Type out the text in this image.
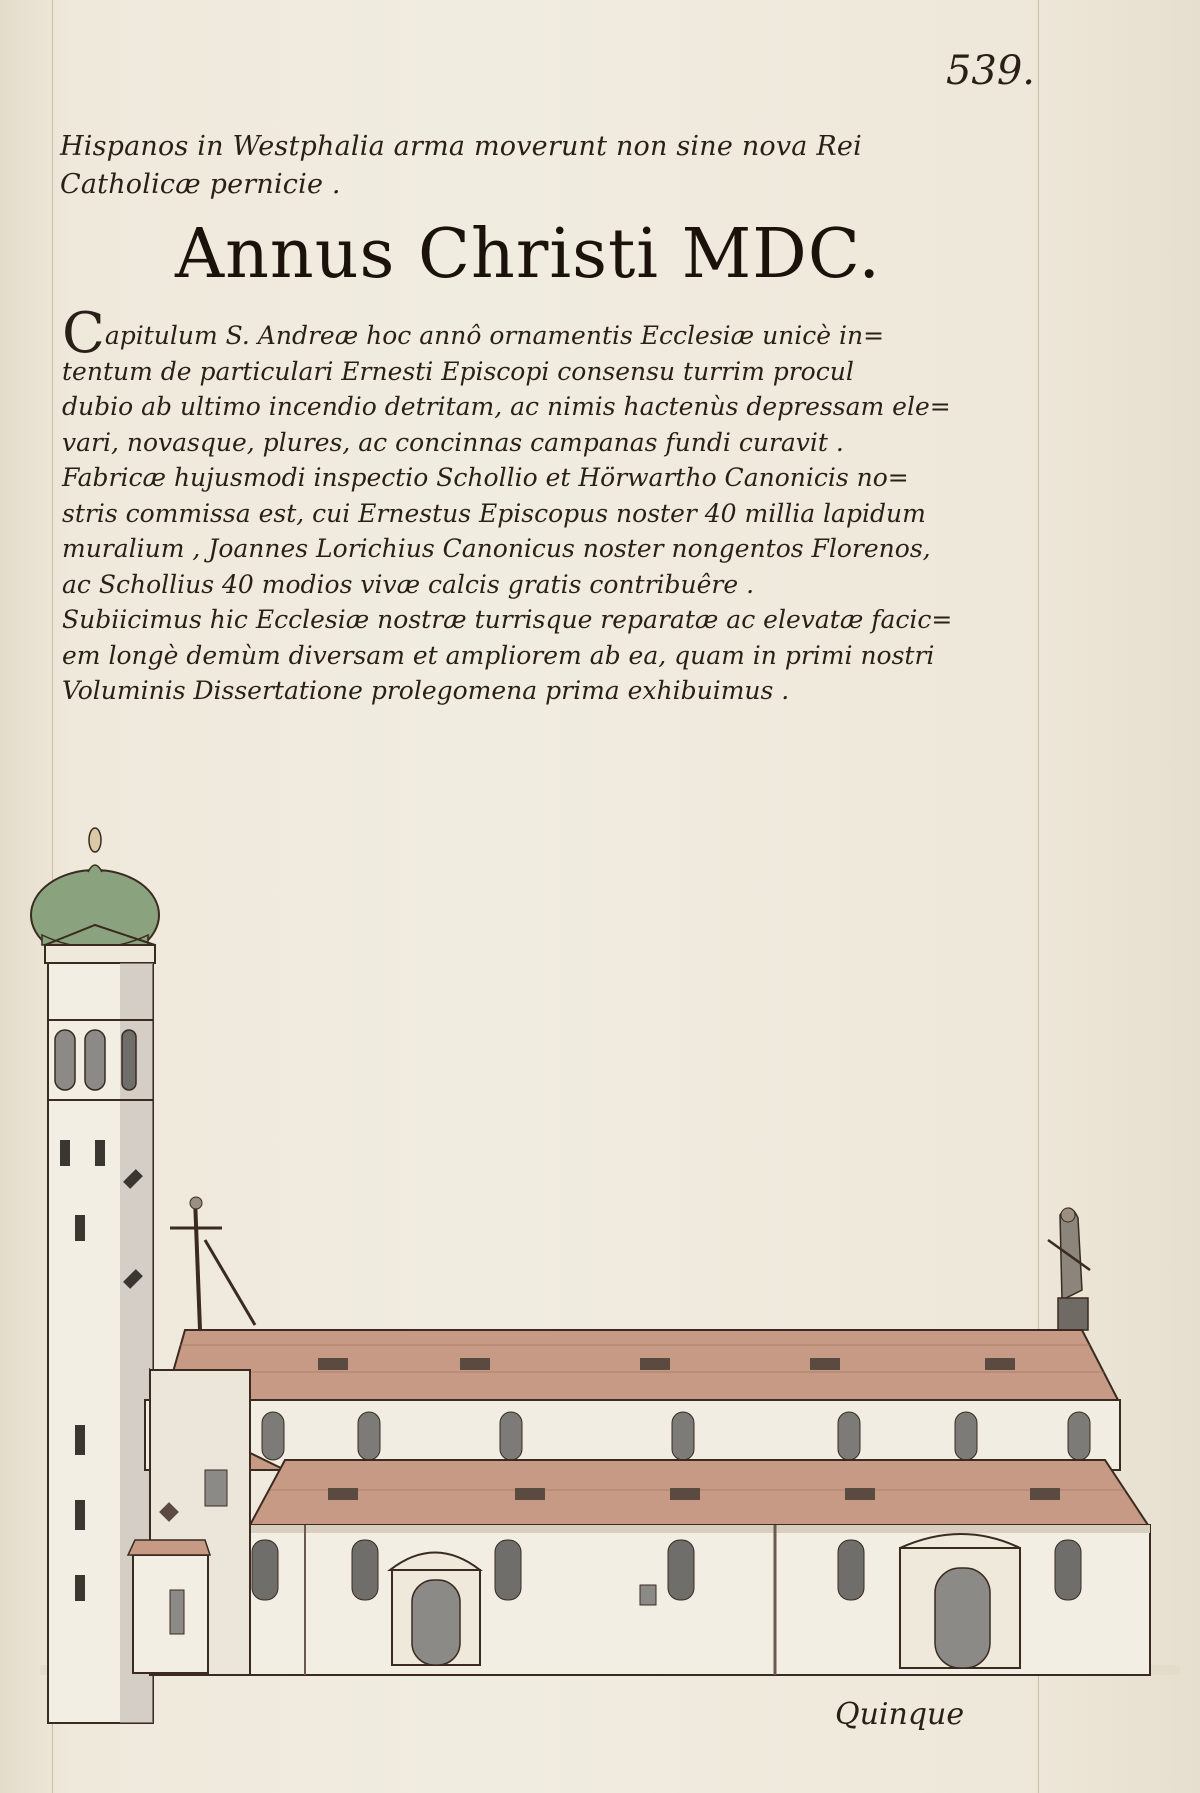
539.
Hispanos in Westphalia arma moverunt non sine nova Rei
Catholicæ pernicie .
Annus Christi MDC.
Capitulum S. Andreæ hoc annô ornamentis Ecclesiæ unicè in=
tentum de particulari Ernesti Episcopi consensu turrim procul
dubio ab ultimo incendio detritam, ac nimis hactenùs depressam ele=
vari, novasque, plures, ac concinnas campanas fundi curavit .
Fabricæ hujusmodi inspectio Schollio et Hörwartho Canonicis no=
stris commissa est, cui Ernestus Episcopus noster 40 millia lapidum
muralium , Joannes Lorichius Canonicus noster nongentos Florenos,
ac Schollius 40 modios vivæ calcis gratis contribuêre .
Subiicimus hic Ecclesiæ nostræ turrisque reparatæ ac elevatæ facic=
em longè demùm diversam et ampliorem ab ea, quam in primi nostri
Voluminis Dissertatione prolegomena prima exhibuimus .
Quinque
